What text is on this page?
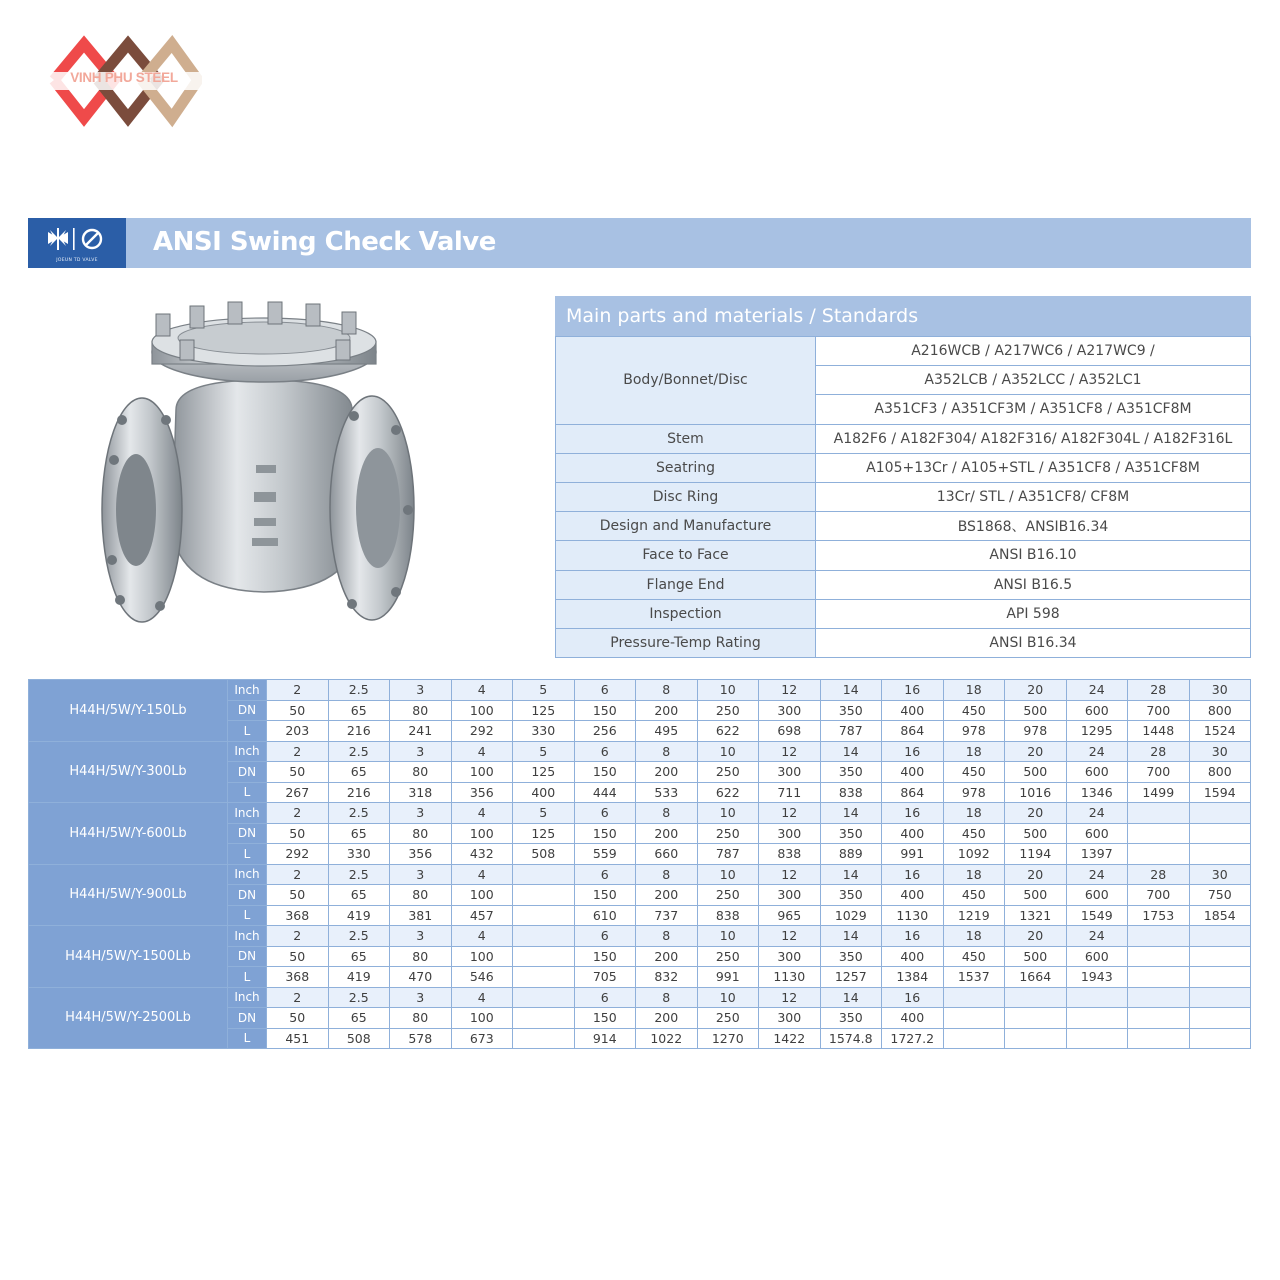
VINH PHU STEEL
JOEUN TD VALVE
ANSI Swing Check Valve
Main parts and materials / Standards
Body/Bonnet/Disc	A216WCB / A217WC6 / A217WC9 /
	A352LCB / A352LCC / A352LC1
	A351CF3 / A351CF3M / A351CF8 / A351CF8M
Stem	A182F6 / A182F304/ A182F316/ A182F304L / A182F316L
Seatring	A105+13Cr / A105+STL / A351CF8 / A351CF8M
Disc Ring	13Cr/ STL / A351CF8/ CF8M
Design and Manufacture	BS1868、ANSIB16.34
Face to Face	ANSI B16.10
Flange End	ANSI B16.5
Inspection	API 598
Pressure-Temp Rating	ANSI B16.34
H44H/5W/Y-150Lb	Inch	2	2.5	3	4	5	6	8	10	12	14	16	18	20	24	28	30
	DN	50	65	80	100	125	150	200	250	300	350	400	450	500	600	700	800
	L	203	216	241	292	330	256	495	622	698	787	864	978	978	1295	1448	1524
H44H/5W/Y-300Lb	Inch	2	2.5	3	4	5	6	8	10	12	14	16	18	20	24	28	30
	DN	50	65	80	100	125	150	200	250	300	350	400	450	500	600	700	800
	L	267	216	318	356	400	444	533	622	711	838	864	978	1016	1346	1499	1594
H44H/5W/Y-600Lb	Inch	2	2.5	3	4	5	6	8	10	12	14	16	18	20	24		
	DN	50	65	80	100	125	150	200	250	300	350	400	450	500	600		
	L	292	330	356	432	508	559	660	787	838	889	991	1092	1194	1397		
H44H/5W/Y-900Lb	Inch	2	2.5	3	4		6	8	10	12	14	16	18	20	24	28	30
	DN	50	65	80	100		150	200	250	300	350	400	450	500	600	700	750
	L	368	419	381	457		610	737	838	965	1029	1130	1219	1321	1549	1753	1854
H44H/5W/Y-1500Lb	Inch	2	2.5	3	4		6	8	10	12	14	16	18	20	24		
	DN	50	65	80	100		150	200	250	300	350	400	450	500	600		
	L	368	419	470	546		705	832	991	1130	1257	1384	1537	1664	1943		
H44H/5W/Y-2500Lb	Inch	2	2.5	3	4		6	8	10	12	14	16					
	DN	50	65	80	100		150	200	250	300	350	400					
	L	451	508	578	673		914	1022	1270	1422	1574.8	1727.2					
